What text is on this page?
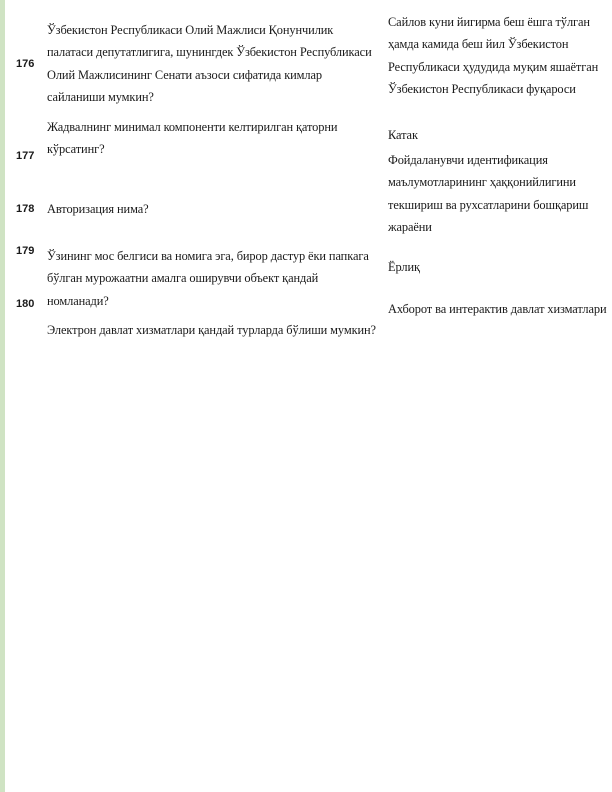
176
Ўзбекистон Республикаси Олий Мажлиси Қонунчилик палатаси депутатлигига, шунингдек Ўзбекистон Республикаси Олий Мажлисининг Сенати аъзоси сифатида кимлар сайланиши мумкин?
Сайлов куни йигирма беш ёшга тўлган ҳамда камида беш йил Ўзбекистон Республикаси ҳудудида муқим яшаётган Ўзбекистон Республикаси фуқароси
177
Жадвалнинг минимал компоненти келтирилган қаторни кўрсатинг?
Катак
178	Авторизация нима?
Фойдаланувчи идентификация маълумотларининг ҳаққонийлигини текшириш ва рухсатларини бошқариш жараёни
179	Ўзининг мос белгиси ва номига эга, бирор дастур ёки папкага бўлган мурожаатни амалга оширувчи объект қандай номланади?
Ёрлиқ
180
Электрон давлат хизматлари қандай турларда бўлиши мумкин?
Ахборот ва интерактив давлат хизматлари
